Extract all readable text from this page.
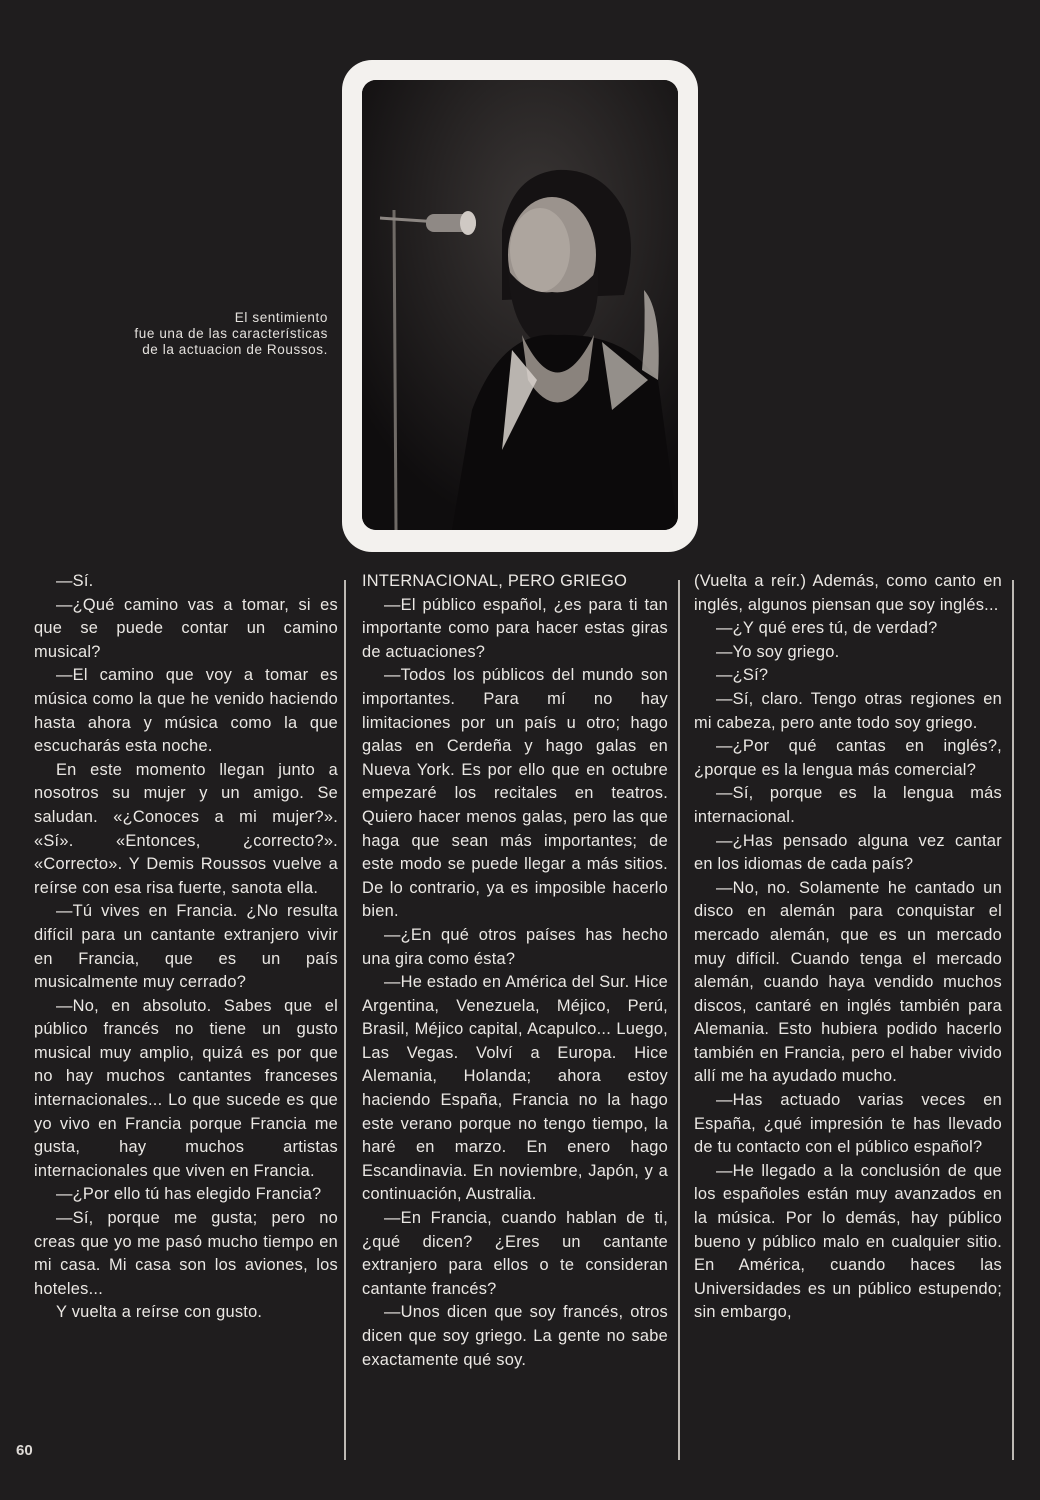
El sentimiento
fue una de las características
de la actuacion de Roussos.

—Sí.

—¿Qué camino vas a tomar, si es que se puede contar un camino musical?

—El camino que voy a tomar es música como la que he venido haciendo hasta ahora y música como la que escucharás esta noche.

En este momento llegan junto a nosotros su mujer y un amigo. Se saludan. «¿Conoces a mi mujer?». «Sí». «Entonces, ¿correcto?». «Correcto». Y Demis Roussos vuelve a reírse con esa risa fuerte, sanota ella.

—Tú vives en Francia. ¿No resulta difícil para un cantante extranjero vivir en Francia, que es un país musicalmente muy cerrado?

—No, en absoluto. Sabes que el público francés no tiene un gusto musical muy amplio, quizá es por que no hay muchos cantantes franceses internacionales... Lo que sucede es que yo vivo en Francia porque Francia me gusta, hay muchos artistas internacionales que viven en Francia.

—¿Por ello tú has elegido Francia?

—Sí, porque me gusta; pero no creas que yo me pasó mucho tiempo en mi casa. Mi casa son los aviones, los hoteles...

Y vuelta a reírse con gusto.

INTERNACIONAL, PERO GRIEGO

—El público español, ¿es para ti tan importante como para hacer estas giras de actuaciones?

—Todos los públicos del mundo son importantes. Para mí no hay limitaciones por un país u otro; hago galas en Cerdeña y hago galas en Nueva York. Es por ello que en octubre empezaré los recitales en teatros. Quiero hacer menos galas, pero las que haga que sean más importantes; de este modo se puede llegar a más sitios. De lo contrario, ya es imposible hacerlo bien.

—¿En qué otros países has hecho una gira como ésta?

—He estado en América del Sur. Hice Argentina, Venezuela, Méjico, Perú, Brasil, Méjico capital, Acapulco... Luego, Las Vegas. Volví a Europa. Hice Alemania, Holanda; ahora estoy haciendo España, Francia no la hago este verano porque no tengo tiempo, la haré en marzo. En enero hago Escandinavia. En noviembre, Japón, y a continuación, Australia.

—En Francia, cuando hablan de ti, ¿qué dicen? ¿Eres un cantante extranjero para ellos o te consideran cantante francés?

—Unos dicen que soy francés, otros dicen que soy griego. La gente no sabe exactamente qué soy.

(Vuelta a reír.) Además, como canto en inglés, algunos piensan que soy inglés...

—¿Y qué eres tú, de verdad?

—Yo soy griego.

—¿Sí?

—Sí, claro. Tengo otras regiones en mi cabeza, pero ante todo soy griego.

—¿Por qué cantas en inglés?, ¿porque es la lengua más comercial?

—Sí, porque es la lengua más internacional.

—¿Has pensado alguna vez cantar en los idiomas de cada país?

—No, no. Solamente he cantado un disco en alemán para conquistar el mercado alemán, que es un mercado muy difícil. Cuando tenga el mercado alemán, cuando haya vendido muchos discos, cantaré en inglés también para Alemania. Esto hubiera podido hacerlo también en Francia, pero el haber vivido allí me ha ayudado mucho.

—Has actuado varias veces en España, ¿qué impresión te has llevado de tu contacto con el público español?

—He llegado a la conclusión de que los españoles están muy avanzados en la música. Por lo demás, hay público bueno y público malo en cualquier sitio. En América, cuando haces las Universidades es un público estupendo; sin embargo,

60
